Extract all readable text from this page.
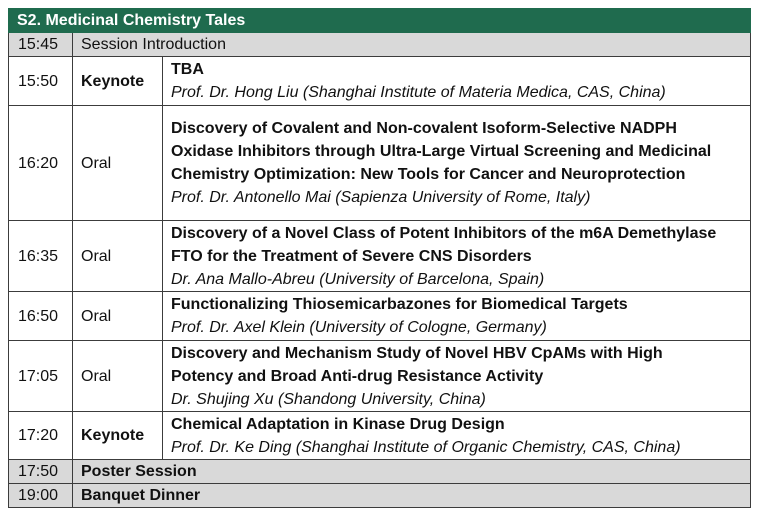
S2. Medicinal Chemistry Tales		
15:45	Session Introduction	
15:50	Keynote	TBA
Prof. Dr. Hong Liu (Shanghai Institute of Materia Medica, CAS, China)

16:20	Oral	Discovery of Covalent and Non-covalent Isoform-Selective NADPH
Oxidase Inhibitors through Ultra-Large Virtual Screening and Medicinal
Chemistry Optimization: New Tools for Cancer and Neuroprotection
Prof. Dr. Antonello Mai (Sapienza University of Rome, Italy)

16:35	Oral	Discovery of a Novel Class of Potent Inhibitors of the m6A Demethylase
FTO for the Treatment of Severe CNS Disorders
Dr. Ana Mallo-Abreu (University of Barcelona, Spain)

16:50	Oral	Functionalizing Thiosemicarbazones for Biomedical Targets
Prof. Dr. Axel Klein (University of Cologne, Germany)

17:05	Oral	Discovery and Mechanism Study of Novel HBV CpAMs with High
Potency and Broad Anti-drug Resistance Activity
Dr. Shujing Xu (Shandong University, China)

17:20	Keynote	Chemical Adaptation in Kinase Drug Design
Prof. Dr. Ke Ding (Shanghai Institute of Organic Chemistry, CAS, China)

17:50	Poster Session	
19:00	Banquet Dinner	
